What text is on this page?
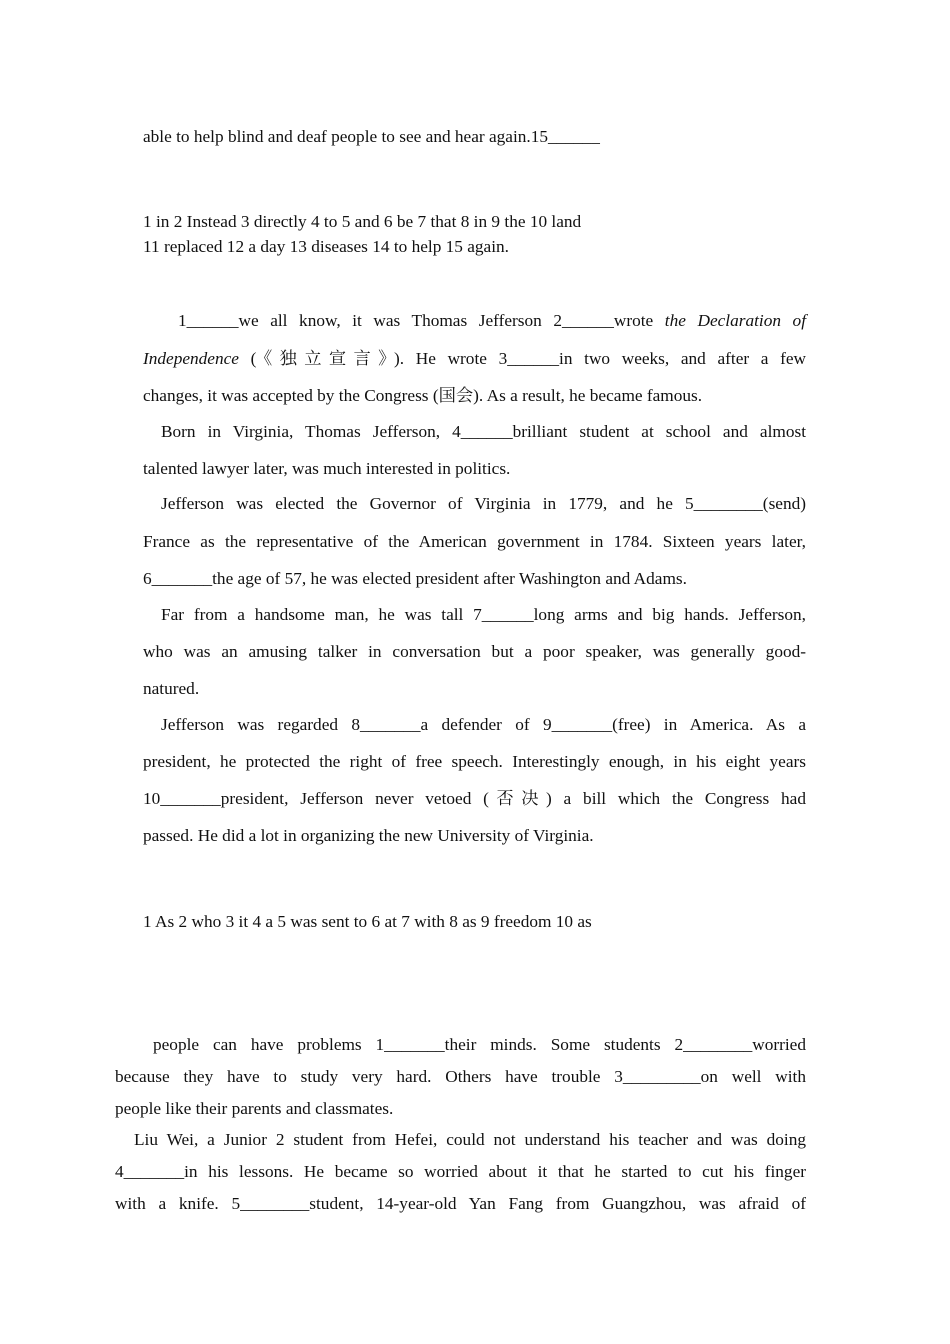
able to help blind and deaf people to see and hear again.15______

1 in 2 Instead 3 directly 4 to 5 and 6 be 7 that 8 in 9 the 10 land

11 replaced 12 a day 13 diseases 14 to help 15 again.

1______we all know, it was Thomas Jefferson 2______wrote the Declaration of

Independence (《独立宣言》). He wrote 3______in two weeks, and after a few

changes, it was accepted by the Congress (国会). As a result, he became famous.

Born in Virginia, Thomas Jefferson, 4______brilliant student at school and almost

talented lawyer later, was much interested in politics.

Jefferson was elected the Governor of Virginia in 1779, and he 5________(send)

France as the representative of the American government in 1784. Sixteen years later,

6_______the age of 57, he was elected president after Washington and Adams.

Far from a handsome man, he was tall 7______long arms and big hands. Jefferson,

who was an amusing talker in conversation but a poor speaker, was generally good-

natured.

Jefferson was regarded 8_______a defender of 9_______(free) in America. As a

president, he protected the right of free speech. Interestingly enough, in his eight years

10_______president, Jefferson never vetoed (否决) a bill which the Congress had

passed. He did a lot in organizing the new University of Virginia.

1 As 2 who 3 it 4 a 5 was sent to 6 at 7 with 8 as 9 freedom 10 as

people can have problems 1_______their minds. Some students 2________worried

because they have to study very hard. Others have trouble 3_________on well with

people like their parents and classmates.

Liu Wei, a Junior 2 student from Hefei, could not understand his teacher and was doing

4_______in his lessons. He became so worried about it that he started to cut his finger

with a knife. 5________student, 14-year-old Yan Fang from Guangzhou, was afraid of
